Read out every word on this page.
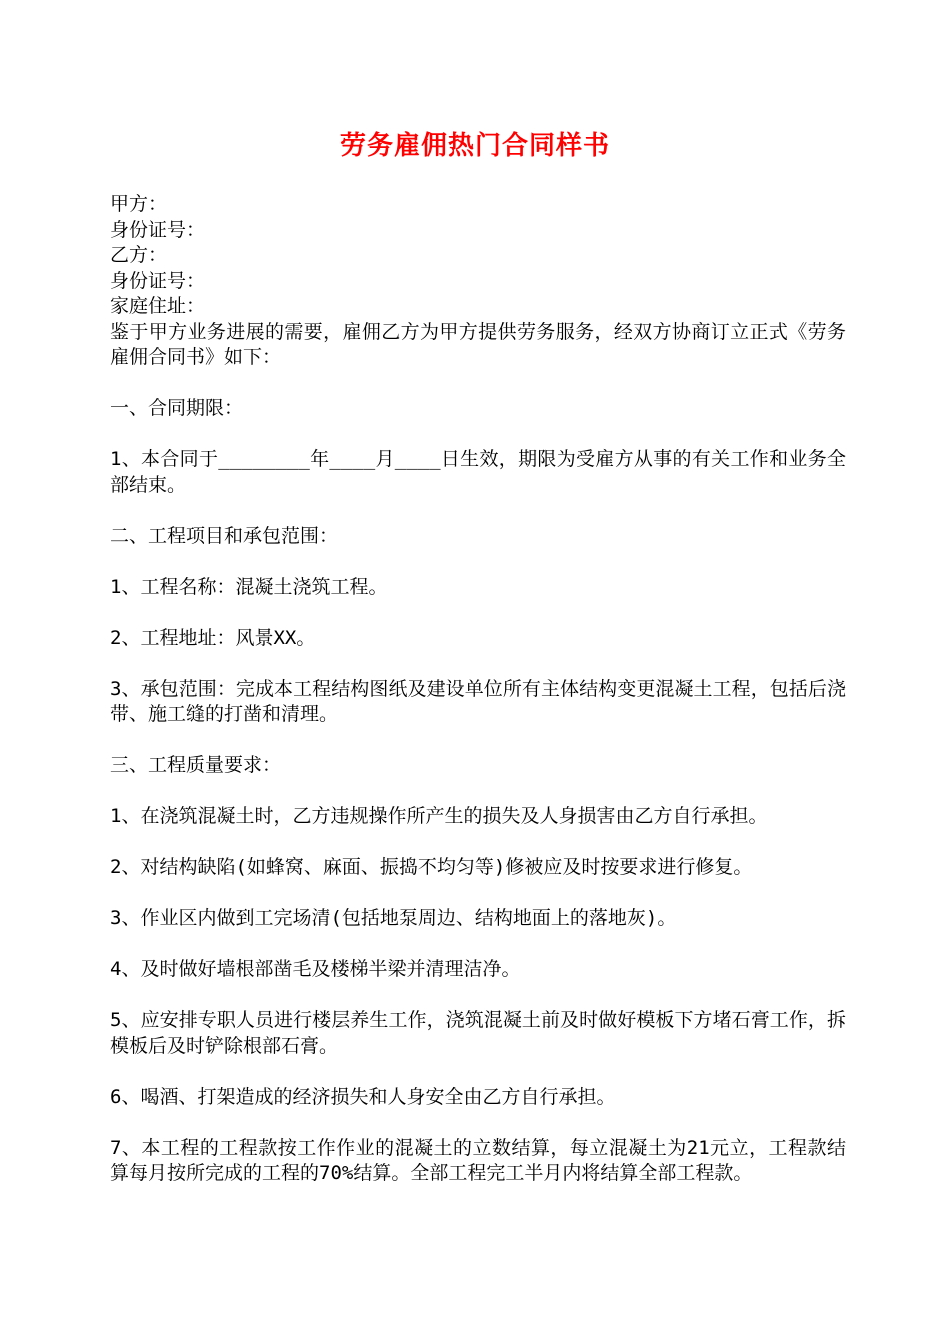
劳务雇佣热门合同样书
甲方：
身份证号：
乙方：
身份证号：
家庭住址：

鉴于甲方业务进展的需要，雇佣乙方为甲方提供劳务服务，经双方协商订立正式《劳务雇佣合同书》如下：

一、合同期限：

1、本合同于________年____月____日生效，期限为受雇方从事的有关工作和业务全部结束。

二、工程项目和承包范围：

1、工程名称：混凝土浇筑工程。

2、工程地址：风景XX。

3、承包范围：完成本工程结构图纸及建设单位所有主体结构变更混凝土工程，包括后浇带、施工缝的打凿和清理。

三、工程质量要求：

1、在浇筑混凝土时，乙方违规操作所产生的损失及人身损害由乙方自行承担。

2、对结构缺陷(如蜂窝、麻面、振捣不均匀等)修被应及时按要求进行修复。

3、作业区内做到工完场清(包括地泵周边、结构地面上的落地灰)。

4、及时做好墙根部凿毛及楼梯半梁并清理洁净。

5、应安排专职人员进行楼层养生工作，浇筑混凝土前及时做好模板下方堵石膏工作，拆模板后及时铲除根部石膏。

6、喝酒、打架造成的经济损失和人身安全由乙方自行承担。

7、本工程的工程款按工作作业的混凝土的立数结算，每立混凝土为21元立，工程款结算每月按所完成的工程的70%结算。全部工程完工半月内将结算全部工程款。
